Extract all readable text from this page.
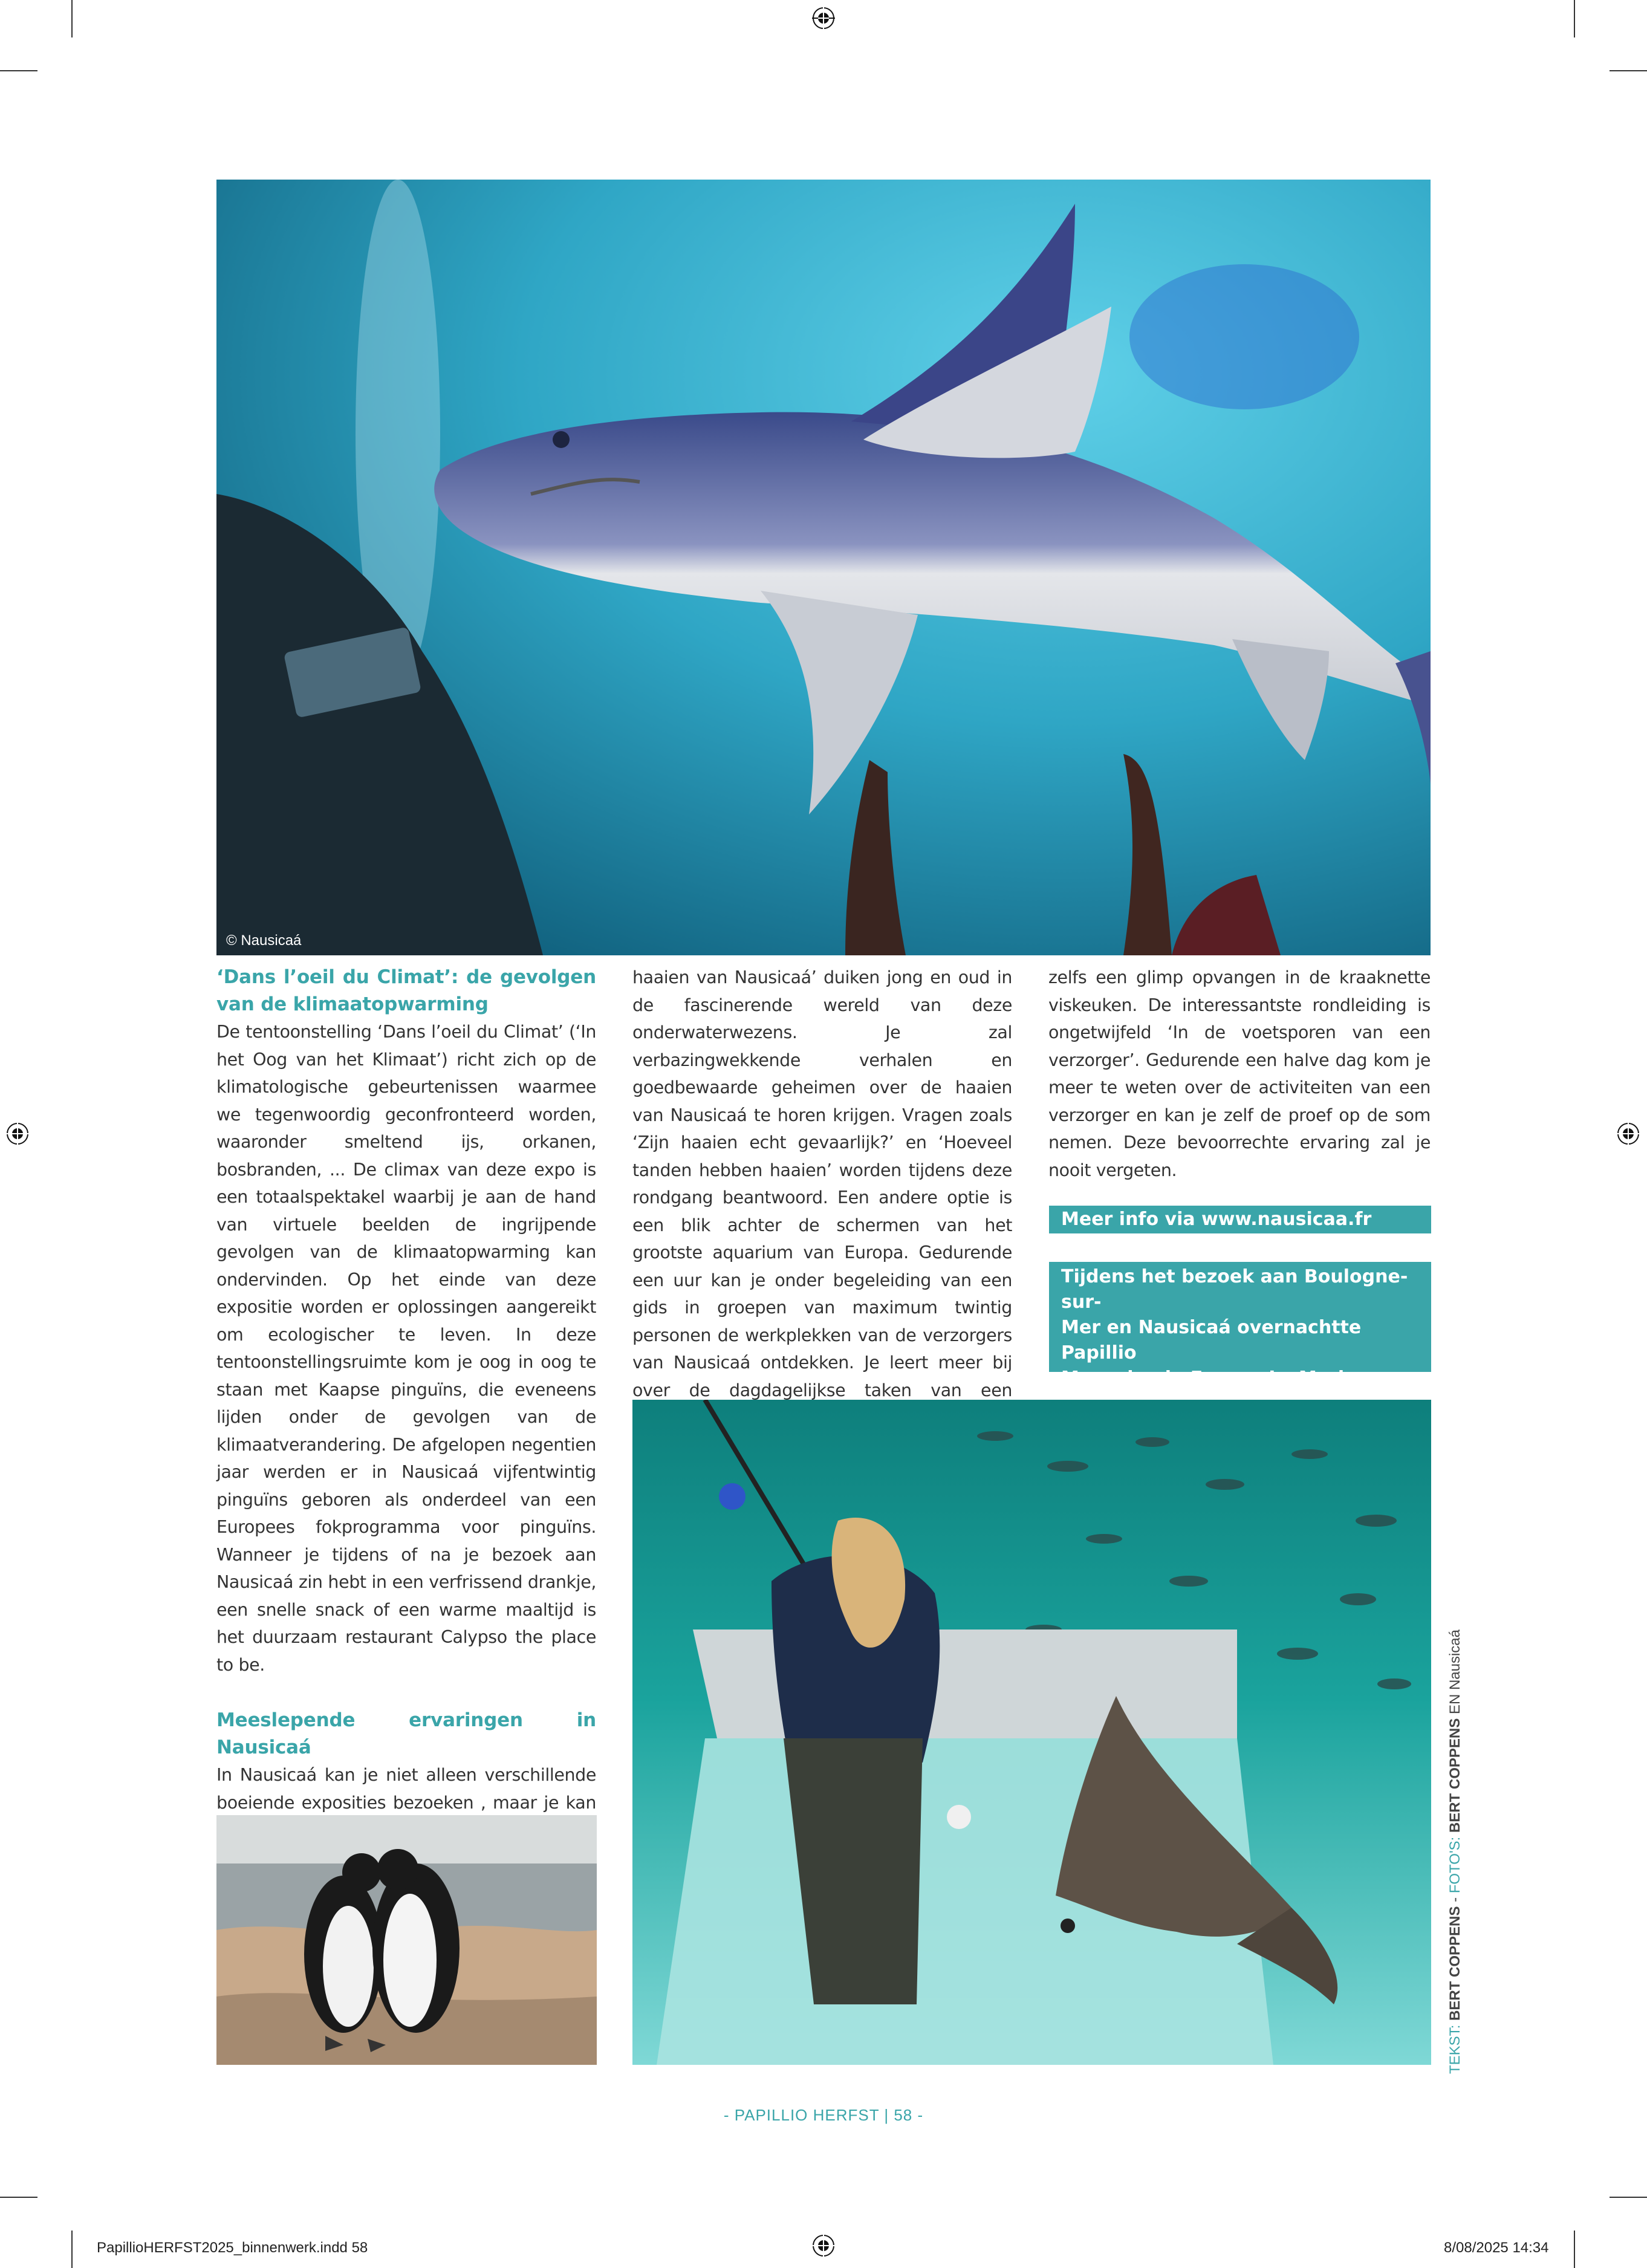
© Nausicaá
‘Dans l’oeil du Climat’: de gevolgen van de klimaatopwarming

De tentoonstelling ‘Dans l’oeil du Climat’ (‘In het Oog van het Klimaat’) richt zich op de klimatologische gebeurtenissen waarmee we tegenwoordig geconfronteerd worden, waaronder smeltend ijs, orkanen, bosbranden, ... De climax van deze expo is een totaalspektakel waarbij je aan de hand van virtuele beelden de ingrijpende gevolgen van de klimaatopwarming kan ondervinden. Op het einde van deze expositie worden er oplossingen aangereikt om ecologischer te leven. In deze tentoonstellingsruimte kom je oog in oog te staan met Kaapse pinguïns, die eveneens lijden onder de gevolgen van de klimaatverandering. De afgelopen negentien jaar werden er in Nausicaá vijfentwintig pinguïns geboren als onderdeel van een Europees fokprogramma voor pinguïns. Wanneer je tijdens of na je bezoek aan Nausicaá zin hebt in een verfrissend drankje, een snelle snack of een warme maaltijd is het duurzaam restaurant Calypso the place to be.

Meeslepende ervaringen in Nausicaá

In Nausicaá kan je niet alleen verschillende boeiende exposities bezoeken , maar je kan

haaien van Nausicaá’ duiken jong en oud in de fascinerende wereld van deze onderwaterwezens. Je zal verbazingwekkende verhalen en goedbewaarde geheimen over de haaien van Nausicaá te horen krijgen. Vragen zoals ‘Zijn haaien echt gevaarlijk?’ en ‘Hoeveel tanden hebben haaien’ worden tijdens deze rondgang beantwoord. Een andere optie is een blik achter de schermen van het grootste aquarium van Europa. Gedurende een uur kan je onder begeleiding van een gids in groepen van maximum twintig personen de werkplekken van de verzorgers van Nausicaá ontdekken. Je leert meer bij over de dagdagelijkse taken van een

zelfs een glimp opvangen in de kraaknette viskeuken. De interessantste rondleiding is ongetwijfeld ‘In de voetsporen van een verzorger’. Gedurende een halve dag kom je meer te weten over de activiteiten van een verzorger en kan je zelf de proef op de som nemen. Deze bevoorrechte ervaring zal je nooit vergeten.

Meer info via www.nausicaa.fr
Tijdens het bezoek aan Boulogne-sur-
Mer en Nausicaá overnachtte Papillio
Magazine in Evancy La Marina.
TEKST: BERT COPPENS - FOTO'S: BERT COPPENS EN Nausicaá
- PAPILLIO HERFST | 58 -
PapillioHERFST2025_binnenwerk.indd 58	8/08/2025 14:34
